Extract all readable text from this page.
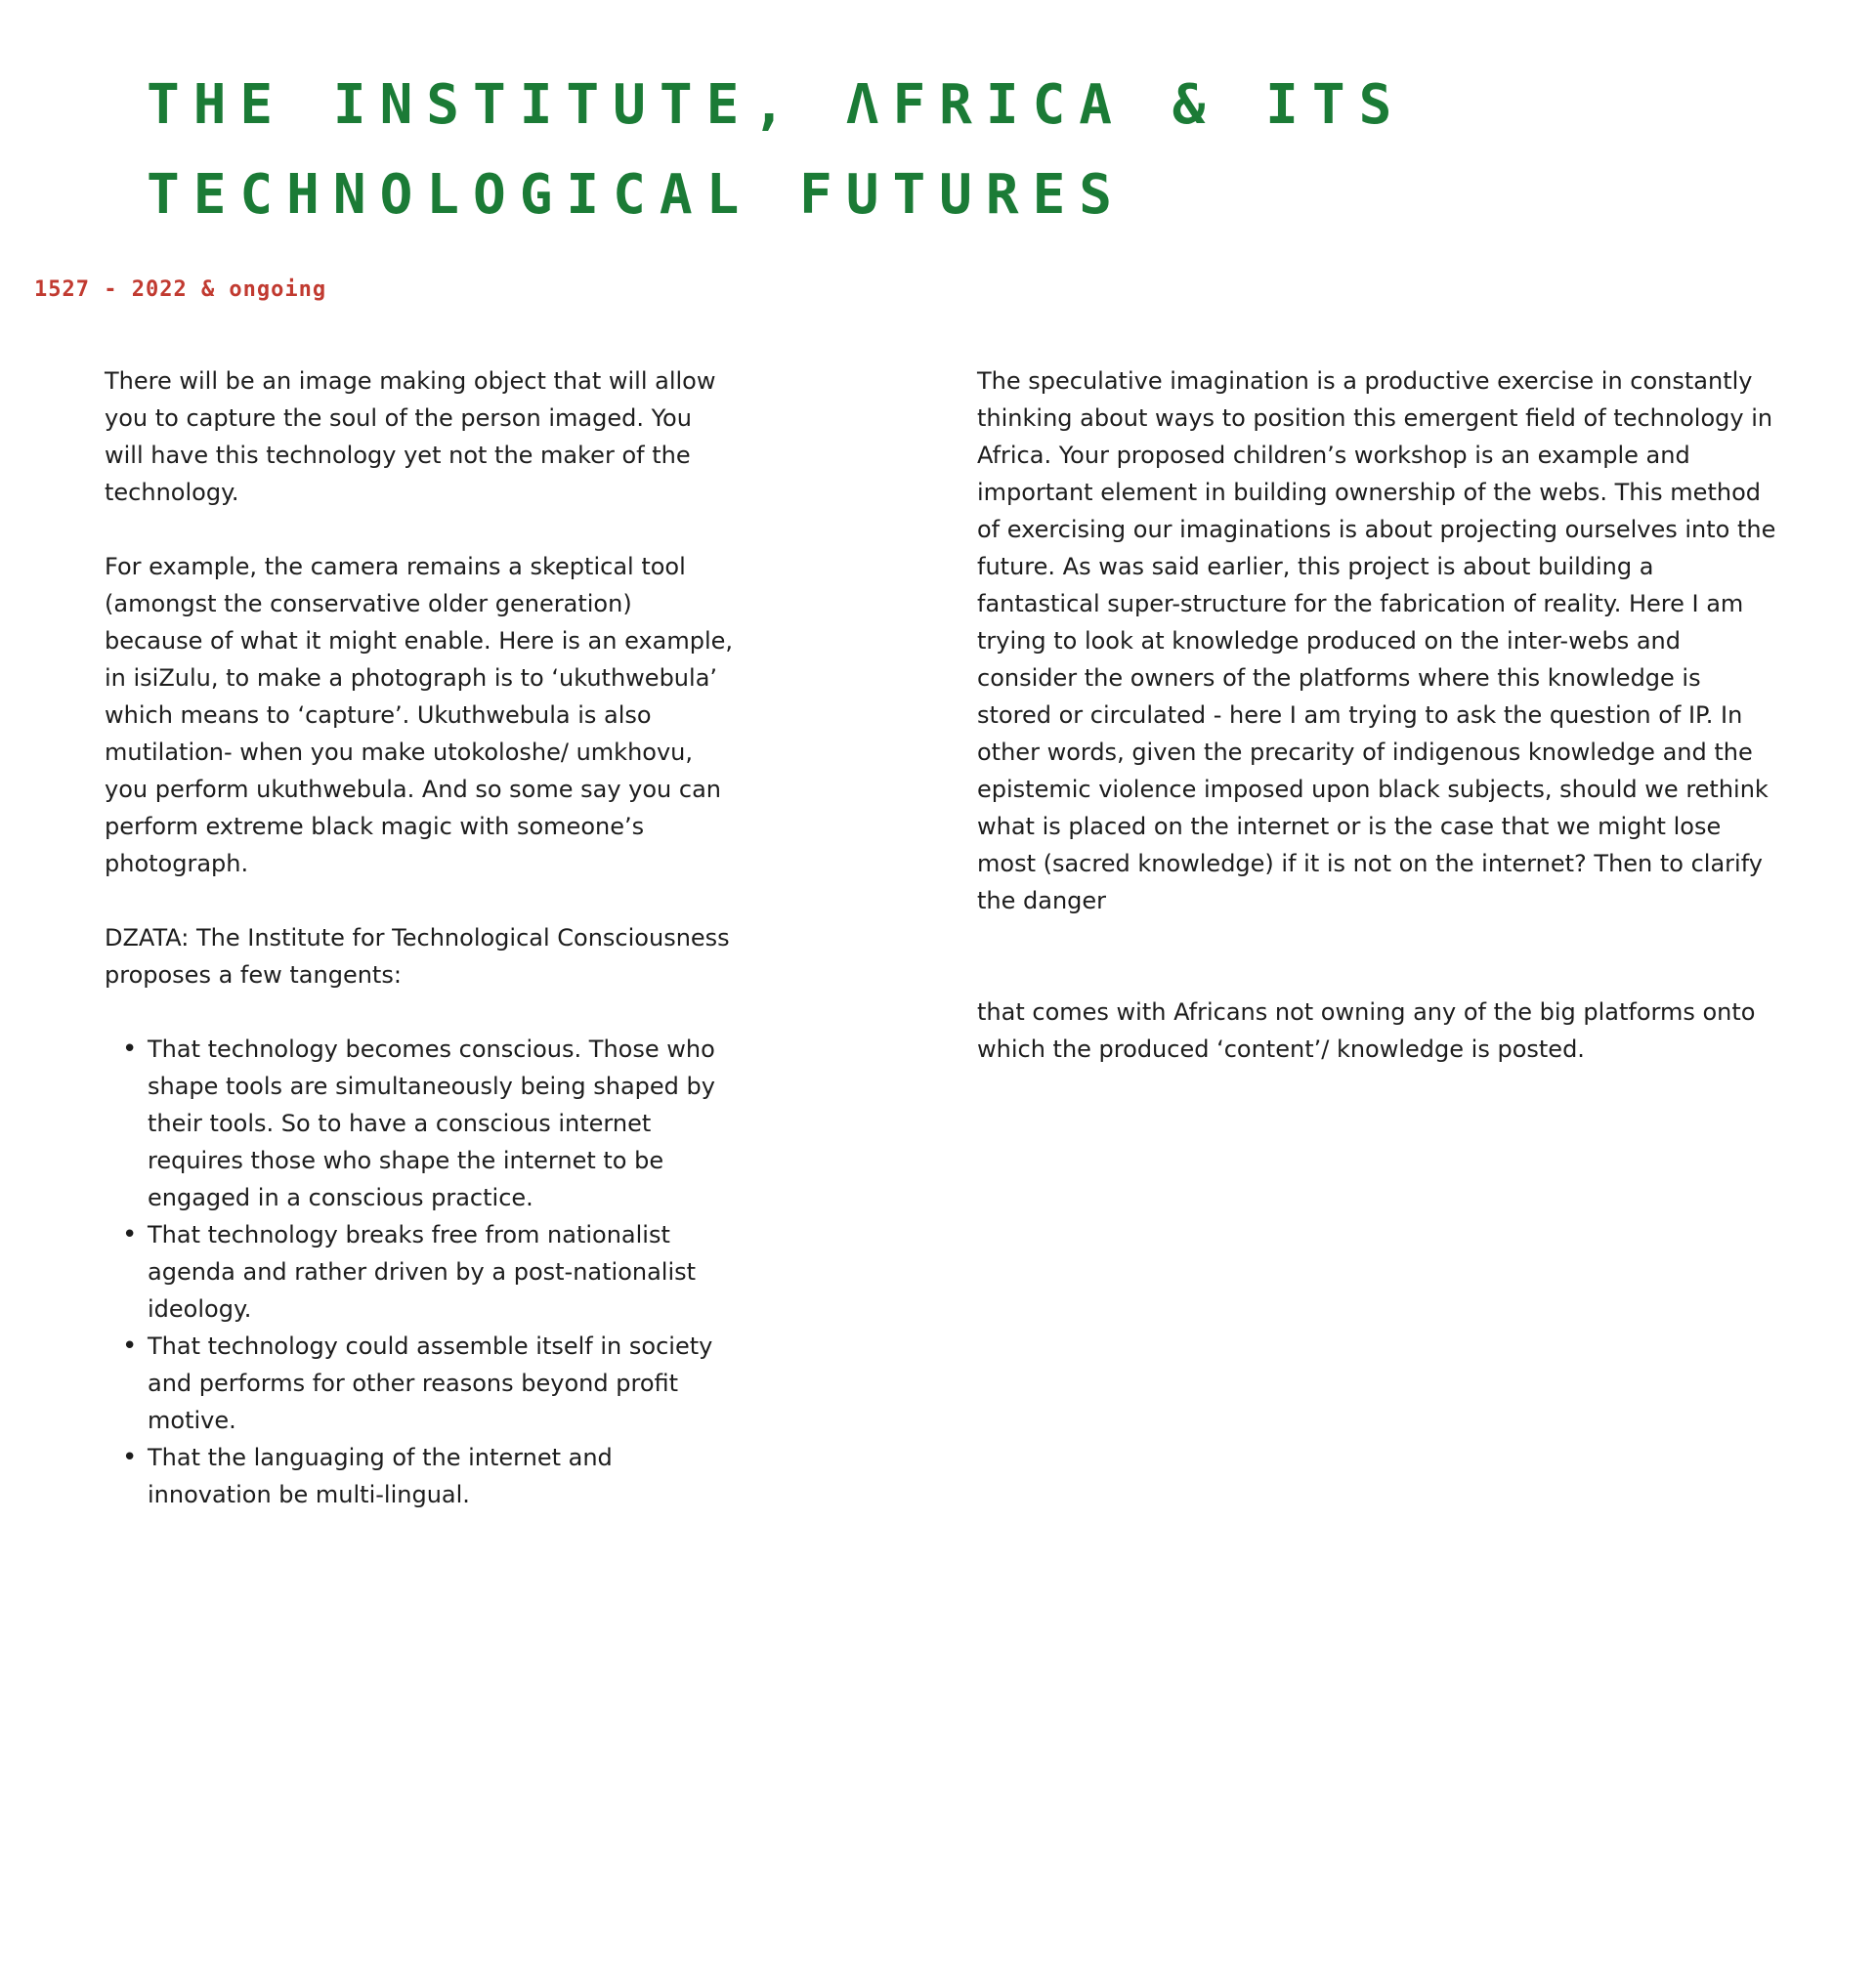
THE INSTITUTE, ΛFRICA & ITS
TECHNOLOGICAL FUTURES
1527 - 2022 & ongoing

There will be an image making object that will allow you to capture the soul of the person imaged. You will have this technology yet not the maker of the technology.

For example, the camera remains a skeptical tool (amongst the conservative older generation) because of what it might enable. Here is an example, in isiZulu, to make a photograph is to ‘ukuthwebula’ which means to ‘capture’. Ukuthwebula is also mutilation- when you make utokoloshe/ umkhovu, you perform ukuthwebula. And so some say you can perform extreme black magic with someone’s photograph.

DZATA: The Institute for Technological Consciousness proposes a few tangents:

• That technology becomes conscious. Those who shape tools are simultaneously being shaped by their tools. So to have a conscious internet requires those who shape the internet to be engaged in a conscious practice.
• That technology breaks free from nationalist agenda and rather driven by a post-nationalist ideology.
• That technology could assemble itself in society and performs for other reasons beyond profit motive.
• That the languaging of the internet and innovation be multi-lingual.

The speculative imagination is a productive exercise in constantly thinking about ways to position this emergent field of technology in Africa. Your proposed children’s workshop is an example and important element in building ownership of the webs. This method of exercising our imaginations is about projecting ourselves into the future. As was said earlier, this project is about building a fantastical super-structure for the fabrication of reality. Here I am trying to look at knowledge produced on the inter-webs and consider the owners of the platforms where this knowledge is stored or circulated - here I am trying to ask the question of IP. In other words, given the precarity of indigenous knowledge and the epistemic violence imposed upon black subjects, should we rethink what is placed on the internet or is the case that we might lose most (sacred knowledge) if it is not on the internet? Then to clarify the danger

that comes with Africans not owning any of the big platforms onto which the produced ‘content’/ knowledge is posted.
